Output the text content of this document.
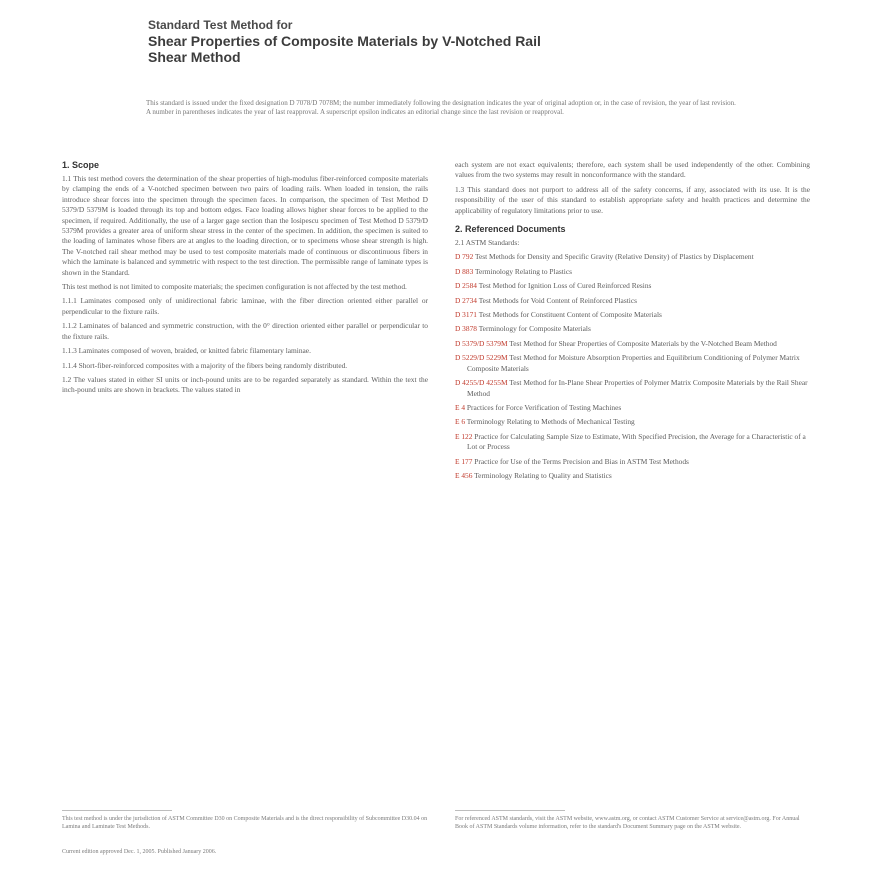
Standard Test Method for
Shear Properties of Composite Materials by V-Notched Rail
Shear Method
This standard is issued under the fixed designation D 7078/D 7078M; the number immediately following the designation indicates the year of original adoption or, in the case of revision, the year of last revision. A number in parentheses indicates the year of last reapproval. A superscript epsilon indicates an editorial change since the last revision or reapproval.
1. Scope

1.1 This test method covers the determination of the shear properties of high-modulus fiber-reinforced composite materials by clamping the ends of a V-notched specimen between two pairs of loading rails. When loaded in tension, the rails introduce shear forces into the specimen through the specimen faces. In comparison, the specimen of Test Method D 5379/D 5379M is loaded through its top and bottom edges. Face loading allows higher shear forces to be applied to the specimen, if required. Additionally, the use of a larger gage section than the Iosipescu specimen of Test Method D 5379/D 5379M provides a greater area of uniform shear stress in the center of the specimen. In addition, the specimen is suited to the loading of laminates whose fibers are at angles to the loading direction, or to specimens whose shear strength is high. The V-notched rail shear method may be used to test composite materials made of continuous or discontinuous fibers in which the laminate is balanced and symmetric with respect to the test direction. The permissible range of laminate types is shown in the Standard.

This test method is not limited to composite materials; the specimen configuration is not affected by the test method.

1.1.1 Laminates composed only of unidirectional fabric laminae, with the fiber direction oriented either parallel or perpendicular to the fixture rails.

1.1.2 Laminates of balanced and symmetric construction, with the 0° direction oriented either parallel or perpendicular to the fixture rails.

1.1.3 Laminates composed of woven, braided, or knitted fabric filamentary laminae.

1.1.4 Short-fiber-reinforced composites with a majority of the fibers being randomly distributed.

1.2 The values stated in either SI units or inch-pound units are to be regarded separately as standard. Within the text the inch-pound units are shown in brackets. The values stated in

each system are not exact equivalents; therefore, each system shall be used independently of the other. Combining values from the two systems may result in nonconformance with the standard.

1.3 This standard does not purport to address all of the safety concerns, if any, associated with its use. It is the responsibility of the user of this standard to establish appropriate safety and health practices and determine the applicability of regulatory limitations prior to use.

2. Referenced Documents

2.1 ASTM Standards:

D 792 Test Methods for Density and Specific Gravity (Relative Density) of Plastics by Displacement

D 883 Terminology Relating to Plastics

D 2584 Test Method for Ignition Loss of Cured Reinforced Resins

D 2734 Test Methods for Void Content of Reinforced Plastics

D 3171 Test Methods for Constituent Content of Composite Materials

D 3878 Terminology for Composite Materials

D 5379/D 5379M Test Method for Shear Properties of Composite Materials by the V-Notched Beam Method

D 5229/D 5229M Test Method for Moisture Absorption Properties and Equilibrium Conditioning of Polymer Matrix Composite Materials

D 4255/D 4255M Test Method for In-Plane Shear Properties of Polymer Matrix Composite Materials by the Rail Shear Method

E 4 Practices for Force Verification of Testing Machines

E 6 Terminology Relating to Methods of Mechanical Testing

E 122 Practice for Calculating Sample Size to Estimate, With Specified Precision, the Average for a Characteristic of a Lot or Process

E 177 Practice for Use of the Terms Precision and Bias in ASTM Test Methods

E 456 Terminology Relating to Quality and Statistics

This test method is under the jurisdiction of ASTM Committee D30 on Composite Materials and is the direct responsibility of Subcommittee D30.04 on Lamina and Laminate Test Methods.
Current edition approved Dec. 1, 2005. Published January 2006.
For referenced ASTM standards, visit the ASTM website, www.astm.org, or contact ASTM Customer Service at service@astm.org. For Annual Book of ASTM Standards volume information, refer to the standard's Document Summary page on the ASTM website.
